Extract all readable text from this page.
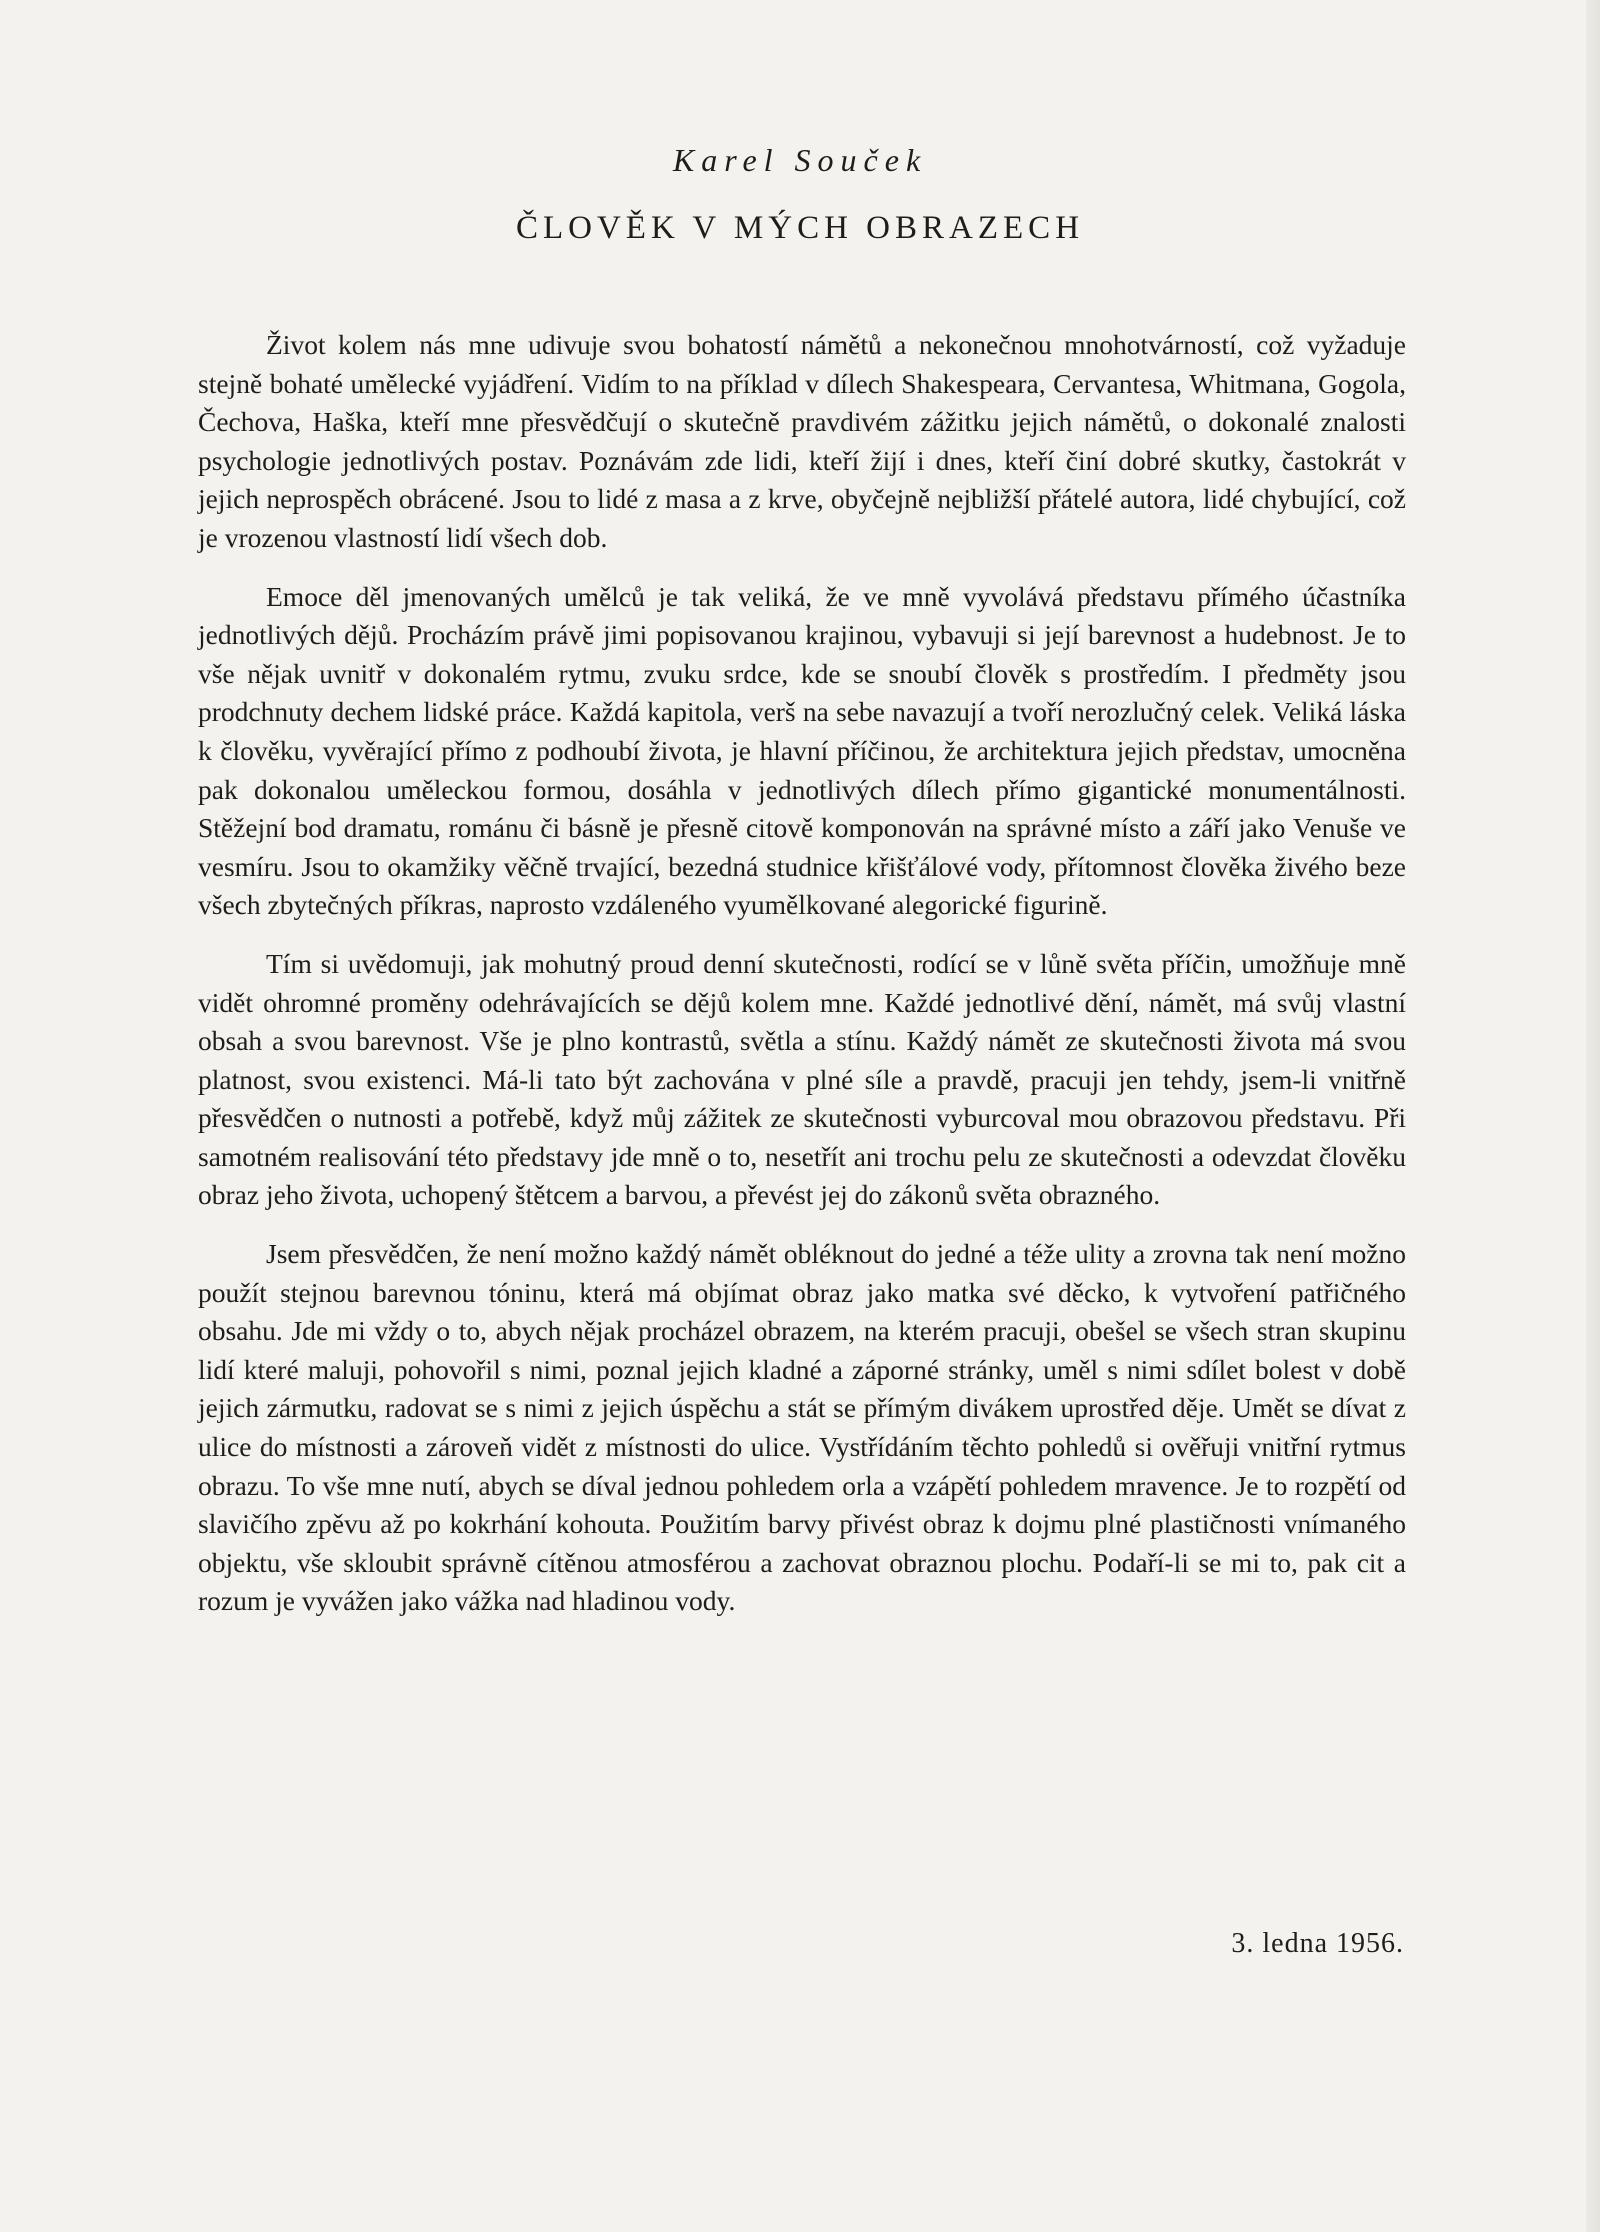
Karel Souček
ČLOVĚK V MÝCH OBRAZECH

Život kolem nás mne udivuje svou bohatostí námětů a nekonečnou mnohotvárností, což vyžaduje stejně bohaté umělecké vyjádření. Vidím to na příklad v dílech Shakespeara, Cervantesa, Whitmana, Gogola, Čechova, Haška, kteří mne přesvědčují o skutečně pravdivém zážitku jejich námětů, o dokonalé znalosti psychologie jednotlivých postav. Poznávám zde lidi, kteří žijí i dnes, kteří činí dobré skutky, častokrát v jejich neprospěch obrácené. Jsou to lidé z masa a z krve, obyčejně nejbližší přátelé autora, lidé chybující, což je vrozenou vlastností lidí všech dob.

Emoce děl jmenovaných umělců je tak veliká, že ve mně vyvolává představu přímého účastníka jednotlivých dějů. Procházím právě jimi popisovanou krajinou, vybavuji si její barevnost a hudebnost. Je to vše nějak uvnitř v dokonalém rytmu, zvuku srdce, kde se snoubí člověk s prostředím. I předměty jsou prodchnuty dechem lidské práce. Každá kapitola, verš na sebe navazují a tvoří nerozlučný celek. Veliká láska k člověku, vyvěrající přímo z podhoubí života, je hlavní příčinou, že architektura jejich představ, umocněna pak dokonalou uměleckou formou, dosáhla v jednotlivých dílech přímo gigantické monumentálnosti. Stěžejní bod dramatu, románu či básně je přesně citově komponován na správné místo a září jako Venuše ve vesmíru. Jsou to okamžiky věčně trvající, bezedná studnice křišťálové vody, přítomnost člověka živého beze všech zbytečných příkras, naprosto vzdáleného vyumělkované alegorické figurině.

Tím si uvědomuji, jak mohutný proud denní skutečnosti, rodící se v lůně světa příčin, umožňuje mně vidět ohromné proměny odehrávajících se dějů kolem mne. Každé jednotlivé dění, námět, má svůj vlastní obsah a svou barevnost. Vše je plno kontrastů, světla a stínu. Každý námět ze skutečnosti života má svou platnost, svou existenci. Má-li tato být zachována v plné síle a pravdě, pracuji jen tehdy, jsem-li vnitřně přesvědčen o nutnosti a potřebě, když můj zážitek ze skutečnosti vyburcoval mou obrazovou představu. Při samotném realisování této představy jde mně o to, nesetřít ani trochu pelu ze skutečnosti a odevzdat člověku obraz jeho života, uchopený štětcem a barvou, a převést jej do zákonů světa obrazného.

Jsem přesvědčen, že není možno každý námět obléknout do jedné a téže ulity a zrovna tak není možno použít stejnou barevnou tóninu, která má objímat obraz jako matka své děcko, k vytvoření patřičného obsahu. Jde mi vždy o to, abych nějak procházel obrazem, na kterém pracuji, obešel se všech stran skupinu lidí které maluji, pohovořil s nimi, poznal jejich kladné a záporné stránky, uměl s nimi sdílet bolest v době jejich zármutku, radovat se s nimi z jejich úspěchu a stát se přímým divákem uprostřed děje. Umět se dívat z ulice do místnosti a zároveň vidět z místnosti do ulice. Vystřídáním těchto pohledů si ověřuji vnitřní rytmus obrazu. To vše mne nutí, abych se díval jednou pohledem orla a vzápětí pohledem mravence. Je to rozpětí od slavičího zpěvu až po kokrhání kohouta. Použitím barvy přivést obraz k dojmu plné plastičnosti vnímaného objektu, vše skloubit správně cítěnou atmosférou a zachovat obraznou plochu. Podaří-li se mi to, pak cit a rozum je vyvážen jako vážka nad hladinou vody.

3. ledna 1956.
